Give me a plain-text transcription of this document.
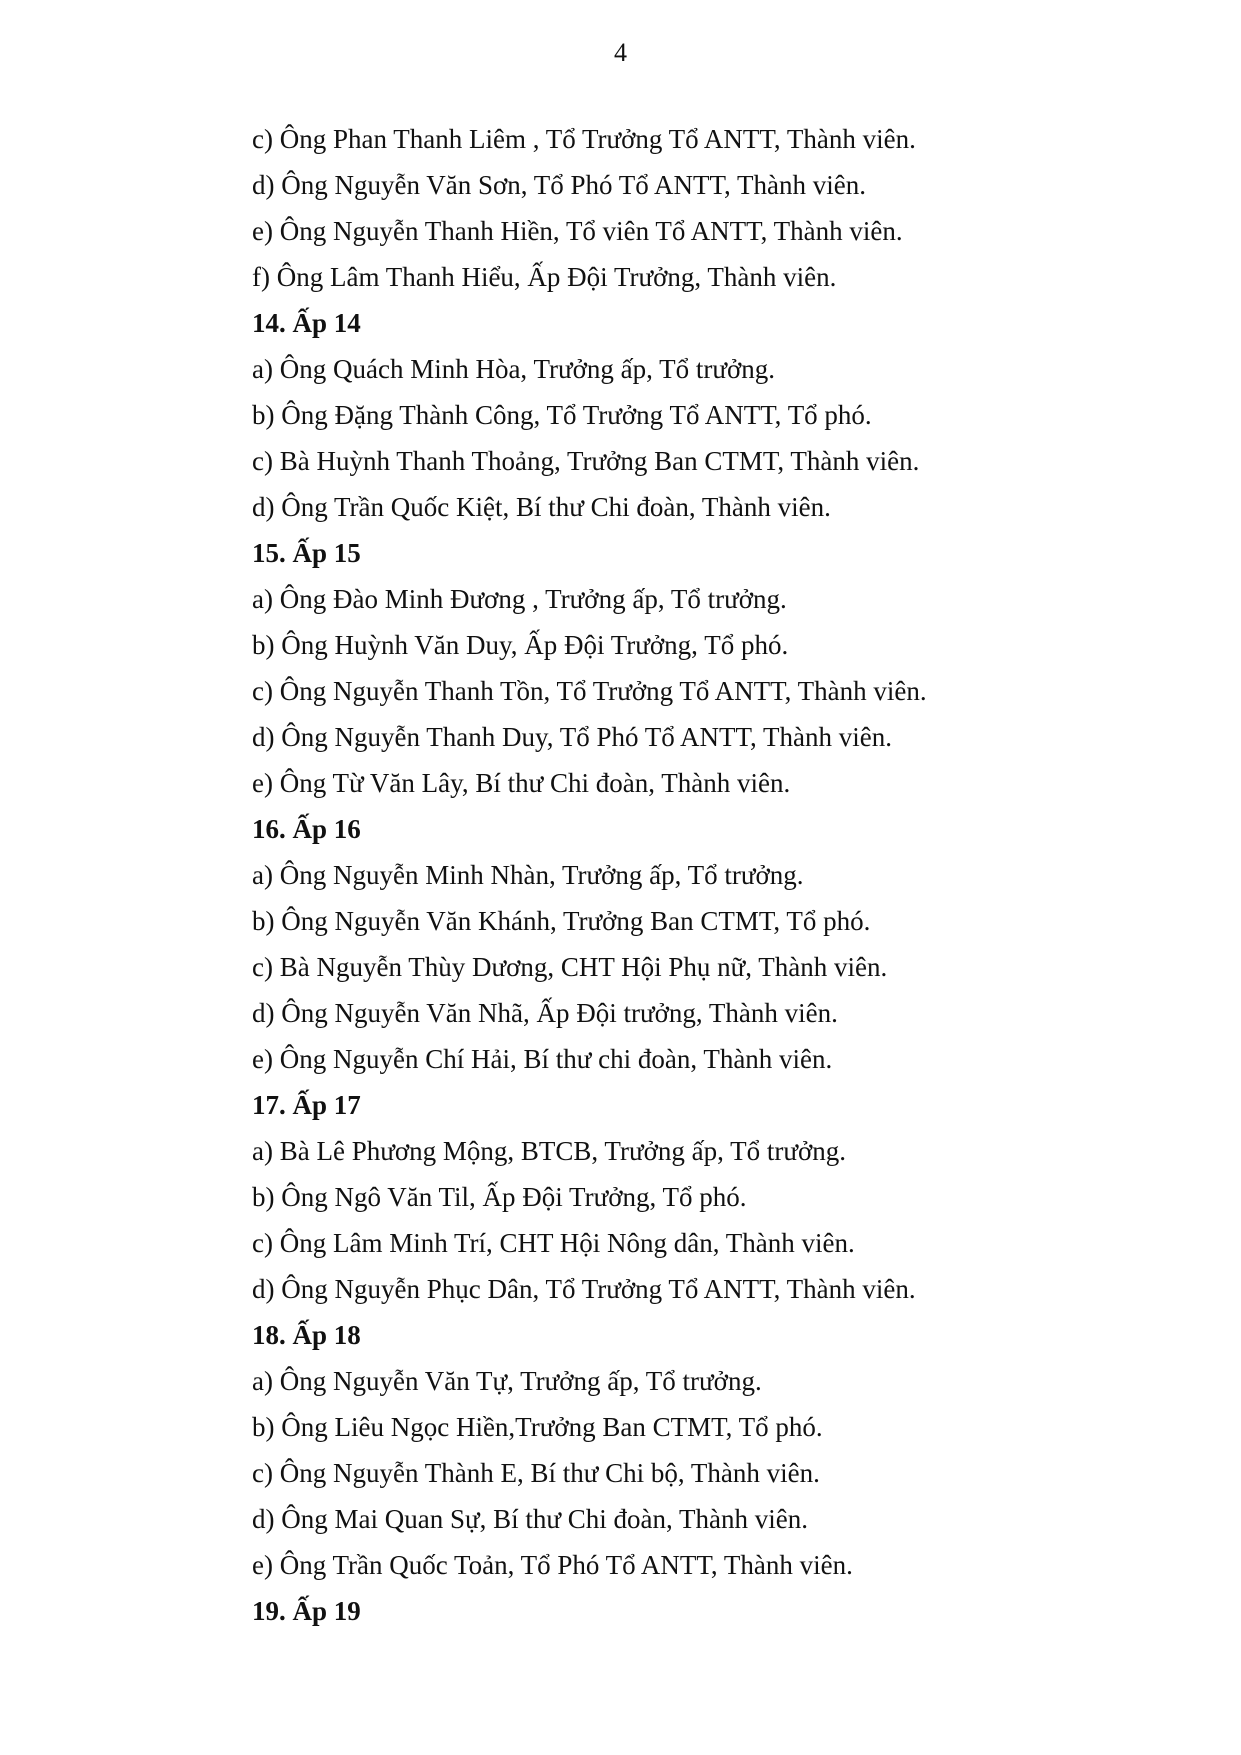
4
c) Ông Phan Thanh Liêm , Tổ Trưởng Tổ ANTT, Thành viên.
d) Ông Nguyễn Văn Sơn, Tổ Phó Tổ ANTT, Thành viên.
e) Ông Nguyễn Thanh Hiền, Tổ viên Tổ ANTT, Thành viên.
f) Ông Lâm Thanh Hiểu, Ấp Đội Trưởng, Thành viên.
14. Ấp 14
a) Ông Quách Minh Hòa, Trưởng ấp, Tổ trưởng.
b) Ông Đặng Thành Công, Tổ Trưởng Tổ ANTT, Tổ phó.
c) Bà Huỳnh Thanh Thoảng, Trưởng Ban CTMT, Thành viên.
d) Ông Trần Quốc Kiệt, Bí thư Chi đoàn, Thành viên.
15. Ấp 15
a) Ông Đào Minh Đương , Trưởng ấp, Tổ trưởng.
b) Ông Huỳnh Văn Duy, Ấp Đội Trưởng, Tổ phó.
c) Ông Nguyễn Thanh Tồn, Tổ Trưởng Tổ ANTT, Thành viên.
d) Ông Nguyễn Thanh Duy, Tổ Phó Tổ ANTT, Thành viên.
e) Ông Từ Văn Lây, Bí thư Chi đoàn, Thành viên.
16. Ấp 16
a) Ông Nguyễn Minh Nhàn, Trưởng ấp, Tổ trưởng.
b) Ông Nguyễn Văn Khánh, Trưởng Ban CTMT, Tổ phó.
c) Bà Nguyễn Thùy Dương, CHT Hội Phụ nữ, Thành viên.
d) Ông Nguyễn Văn Nhã, Ấp Đội trưởng, Thành viên.
e) Ông Nguyễn Chí Hải, Bí thư chi đoàn, Thành viên.
17. Ấp 17
a) Bà Lê Phương Mộng, BTCB, Trưởng ấp, Tổ trưởng.
b) Ông Ngô Văn Til, Ấp Đội Trưởng, Tổ phó.
c) Ông Lâm Minh Trí, CHT Hội Nông dân, Thành viên.
d) Ông Nguyễn Phục Dân, Tổ Trưởng Tổ ANTT, Thành viên.
18. Ấp 18
a) Ông Nguyễn Văn Tự, Trưởng ấp, Tổ trưởng.
b) Ông Liêu Ngọc Hiền,Trưởng Ban CTMT, Tổ phó.
c) Ông Nguyễn Thành E, Bí thư Chi bộ, Thành viên.
d) Ông Mai Quan Sự, Bí thư Chi đoàn, Thành viên.
e) Ông Trần Quốc Toản, Tổ Phó Tổ ANTT, Thành viên.
19. Ấp 19
